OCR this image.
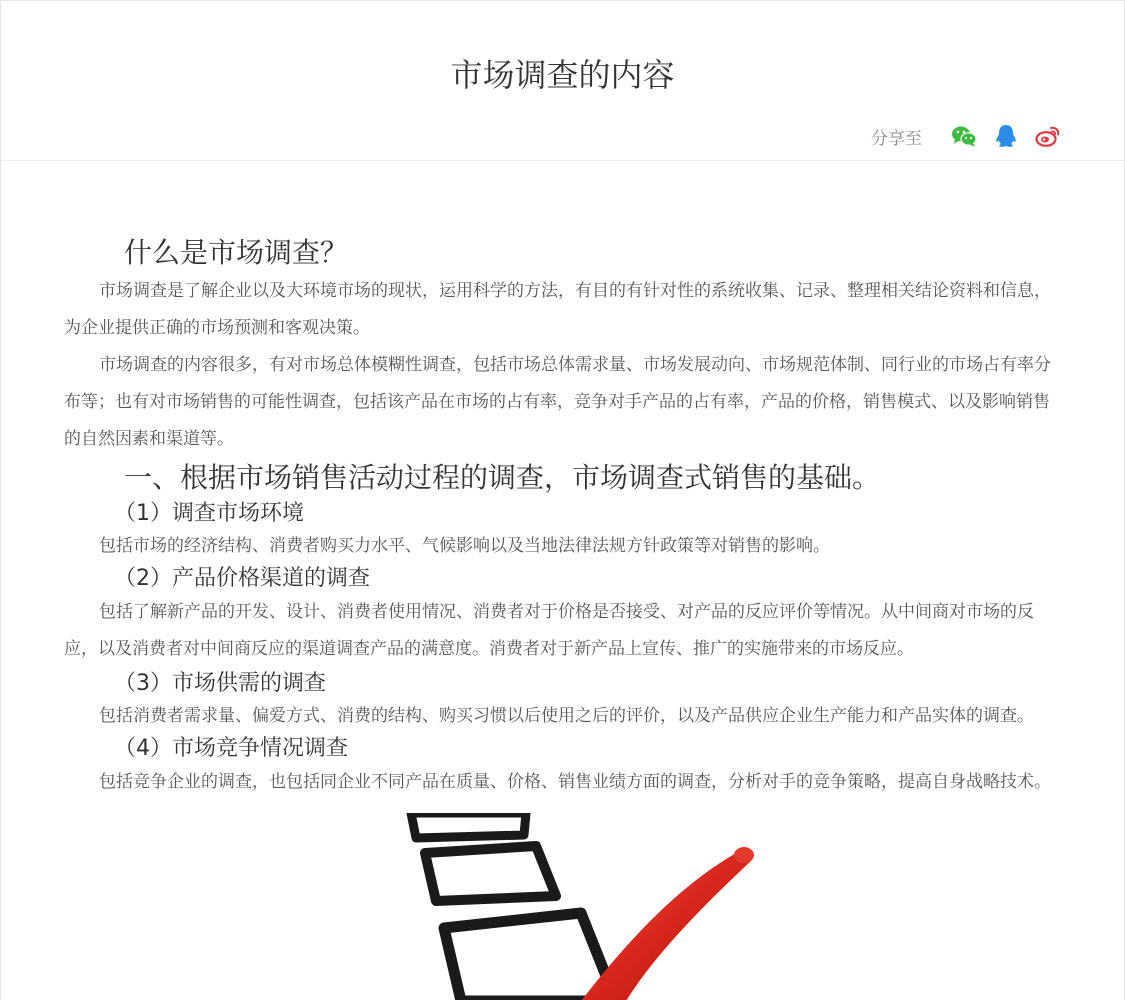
市场调查的内容
分享至
什么是市场调查？

市场调查是了解企业以及大环境市场的现状，运用科学的方法，有目的有针对性的系统收集、记录、整理相关结论资料和信息，为企业提供正确的市场预测和客观决策。

市场调查的内容很多，有对市场总体模糊性调查，包括市场总体需求量、市场发展动向、市场规范体制、同行业的市场占有率分布等；也有对市场销售的可能性调查，包括该产品在市场的占有率，竞争对手产品的占有率，产品的价格，销售模式、以及影响销售的自然因素和渠道等。

一、根据市场销售活动过程的调查，市场调查式销售的基础。
（1）调查市场环境

包括市场的经济结构、消费者购买力水平、气候影响以及当地法律法规方针政策等对销售的影响。

（2）产品价格渠道的调查

包括了解新产品的开发、设计、消费者使用情况、消费者对于价格是否接受、对产品的反应评价等情况。从中间商对市场的反应，以及消费者对中间商反应的渠道调查产品的满意度。消费者对于新产品上宣传、推广的实施带来的市场反应。

（3）市场供需的调查

包括消费者需求量、偏爱方式、消费的结构、购买习惯以后使用之后的评价，以及产品供应企业生产能力和产品实体的调查。

（4）市场竞争情况调查

包括竞争企业的调查，也包括同企业不同产品在质量、价格、销售业绩方面的调查，分析对手的竞争策略，提高自身战略技术。
